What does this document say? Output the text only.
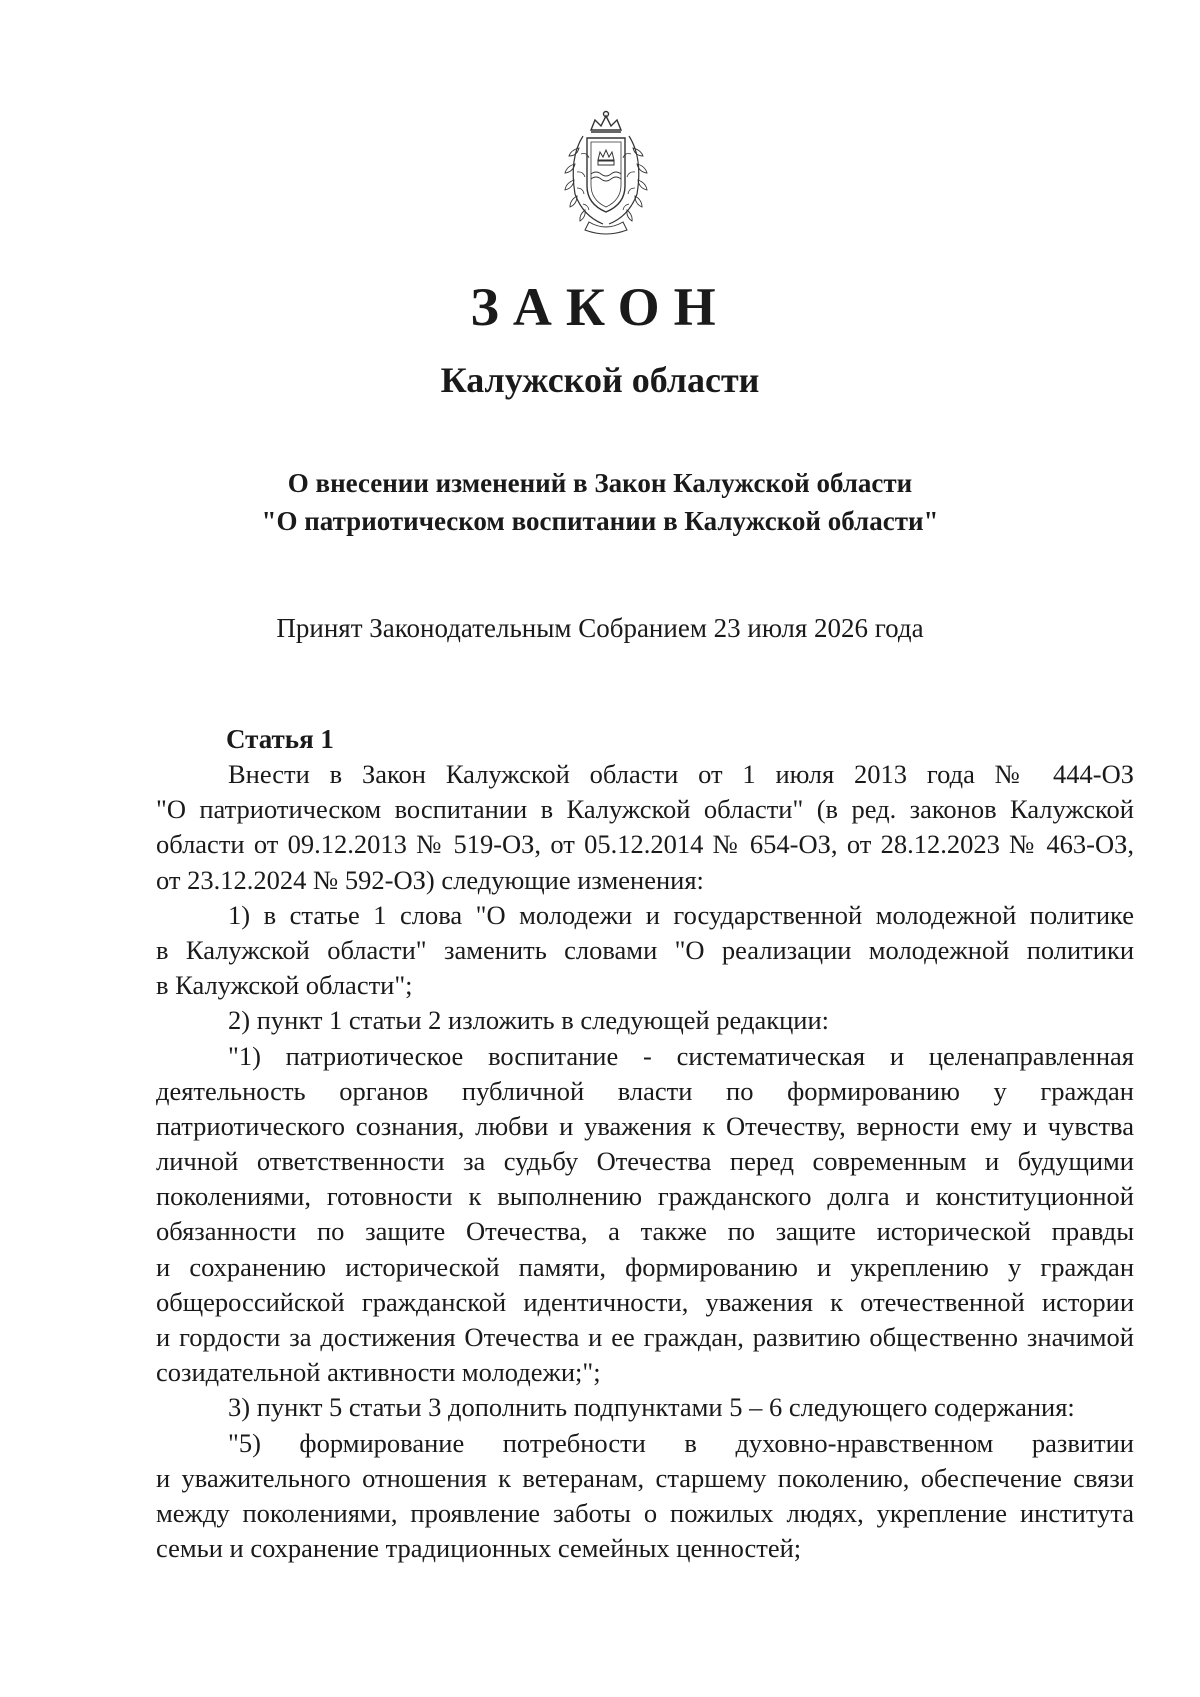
ЗАКОН
Калужской области
О внесении изменений в Закон Калужской области
"О патриотическом воспитании в Калужской области"
Принят Законодательным Собранием 23 июля 2026 года
Статья 1
Внести в Закон Калужской области от 1 июля 2013 года № 444-ОЗ
"О патриотическом воспитании в Калужской области" (в ред. законов Калужской
области от 09.12.2013 № 519-ОЗ, от 05.12.2014 № 654-ОЗ, от 28.12.2023 № 463-ОЗ,
от 23.12.2024 № 592-ОЗ) следующие изменения:
1) в статье 1 слова "О молодежи и государственной молодежной политике
в Калужской области" заменить словами "О реализации молодежной политики
в Калужской области";
2) пункт 1 статьи 2 изложить в следующей редакции:
"1) патриотическое воспитание - систематическая и целенаправленная
деятельность органов публичной власти по формированию у граждан
патриотического сознания, любви и уважения к Отечеству, верности ему и чувства
личной ответственности за судьбу Отечества перед современным и будущими
поколениями, готовности к выполнению гражданского долга и конституционной
обязанности по защите Отечества, а также по защите исторической правды
и сохранению исторической памяти, формированию и укреплению у граждан
общероссийской гражданской идентичности, уважения к отечественной истории
и гордости за достижения Отечества и ее граждан, развитию общественно значимой
созидательной активности молодежи;";
3) пункт 5 статьи 3 дополнить подпунктами 5 – 6 следующего содержания:
"5) формирование потребности в духовно-нравственном развитии
и уважительного отношения к ветеранам, старшему поколению, обеспечение связи
между поколениями, проявление заботы о пожилых людях, укрепление института
семьи и сохранение традиционных семейных ценностей;
